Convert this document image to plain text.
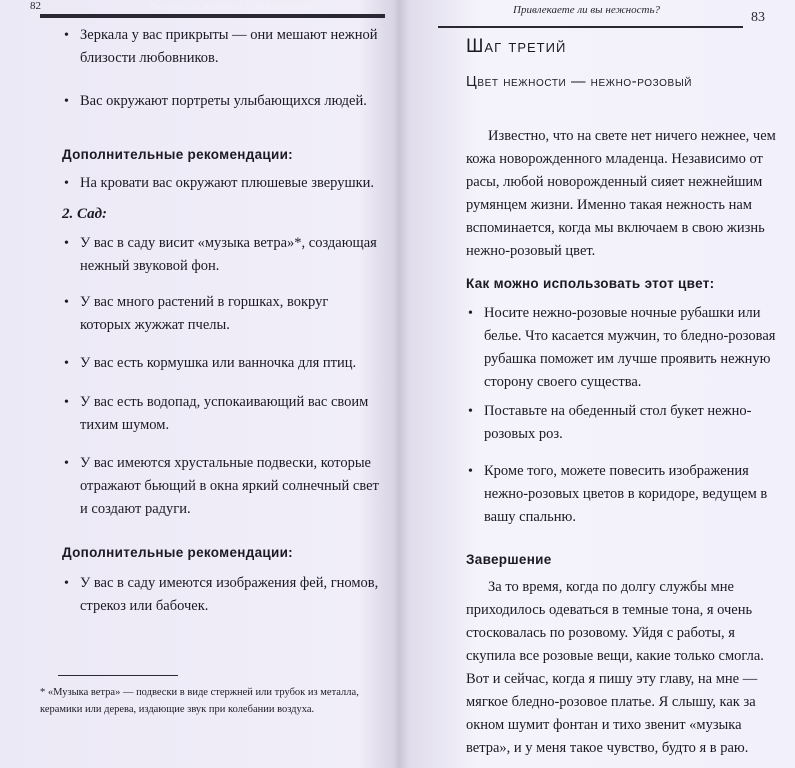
82	Вопросы вашего привлечения
• Зеркала у вас прикрыты — они мешают нежной близости любовников.
• Вас окружают портреты улыбающихся людей.
Дополнительные рекомендации:
• На кровати вас окружают плюшевые зверушки.
2. Сад:
• У вас в саду висит «музыка ветра»*, создающая нежный звуковой фон.
• У вас много растений в горшках, вокруг которых жужжат пчелы.
• У вас есть кормушка или ванночка для птиц.
• У вас есть водопад, успокаивающий вас своим тихим шумом.
• У вас имеются хрустальные подвески, которые отражают бьющий в окна яркий солнечный свет и создают радуги.
Дополнительные рекомендации:
• У вас в саду имеются изображения фей, гномов, стрекоз или бабочек.
* «Музыка ветра» — подвески в виде стержней или трубок из металла, керамики или дерева, издающие звук при колебании воздуха.
Привлекаете ли вы нежность?	83
Шаг третий
Цвет нежности — нежно-розовый
Известно, что на свете нет ничего нежнее, чем кожа новорожденного младенца. Независимо от расы, любой новорожденный сияет нежнейшим румянцем жизни. Именно такая нежность нам вспоминается, когда мы включаем в свою жизнь нежно-розовый цвет.
Как можно использовать этот цвет:
• Носите нежно-розовые ночные рубашки или белье. Что касается мужчин, то бледно-розовая рубашка поможет им лучше проявить нежную сторону своего существа.
• Поставьте на обеденный стол букет нежно-розовых роз.
• Кроме того, можете повесить изображения нежно-розовых цветов в коридоре, ведущем в вашу спальню.
Завершение
За то время, когда по долгу службы мне приходилось одеваться в темные тона, я очень стосковалась по розовому. Уйдя с работы, я скупила все розовые вещи, какие только смогла. Вот и сейчас, когда я пишу эту главу, на мне — мягкое бледно-розовое платье. Я слышу, как за окном шумит фонтан и тихо звенит «музыка ветра», и у меня такое чувство, будто я в раю.
